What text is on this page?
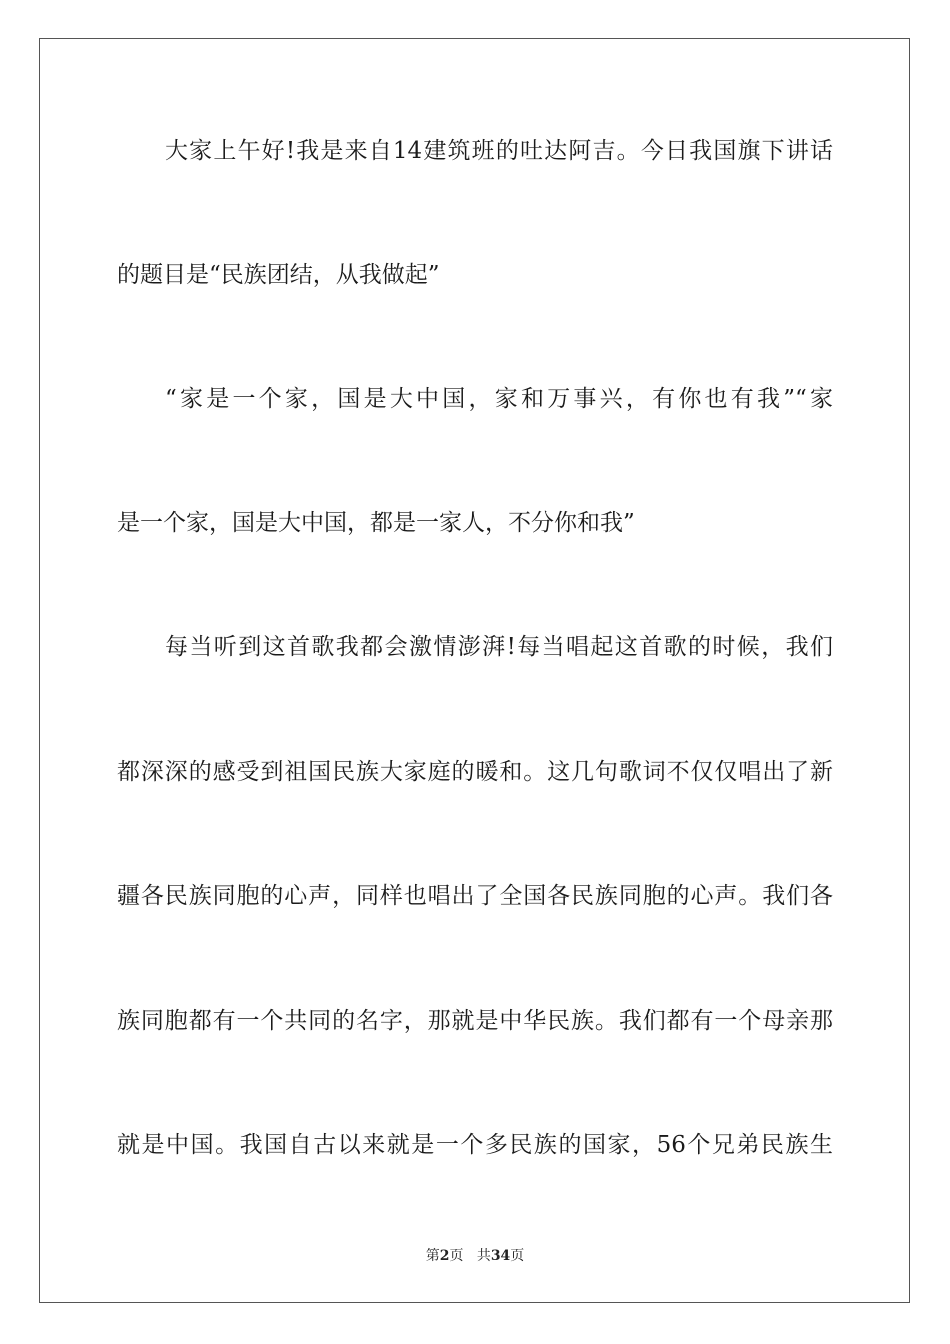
大家上午好!我是来自14建筑班的吐达阿吉。今日我国旗下讲话
的题目是“民族团结，从我做起”
“家是一个家，国是大中国，家和万事兴，有你也有我”“家
是一个家，国是大中国，都是一家人，不分你和我”
每当听到这首歌我都会激情澎湃!每当唱起这首歌的时候，我们
都深深的感受到祖国民族大家庭的暖和。这几句歌词不仅仅唱出了新
疆各民族同胞的心声，同样也唱出了全国各民族同胞的心声。我们各
族同胞都有一个共同的名字，那就是中华民族。我们都有一个母亲那
就是中国。我国自古以来就是一个多民族的国家，56个兄弟民族生
第2页 共34页
